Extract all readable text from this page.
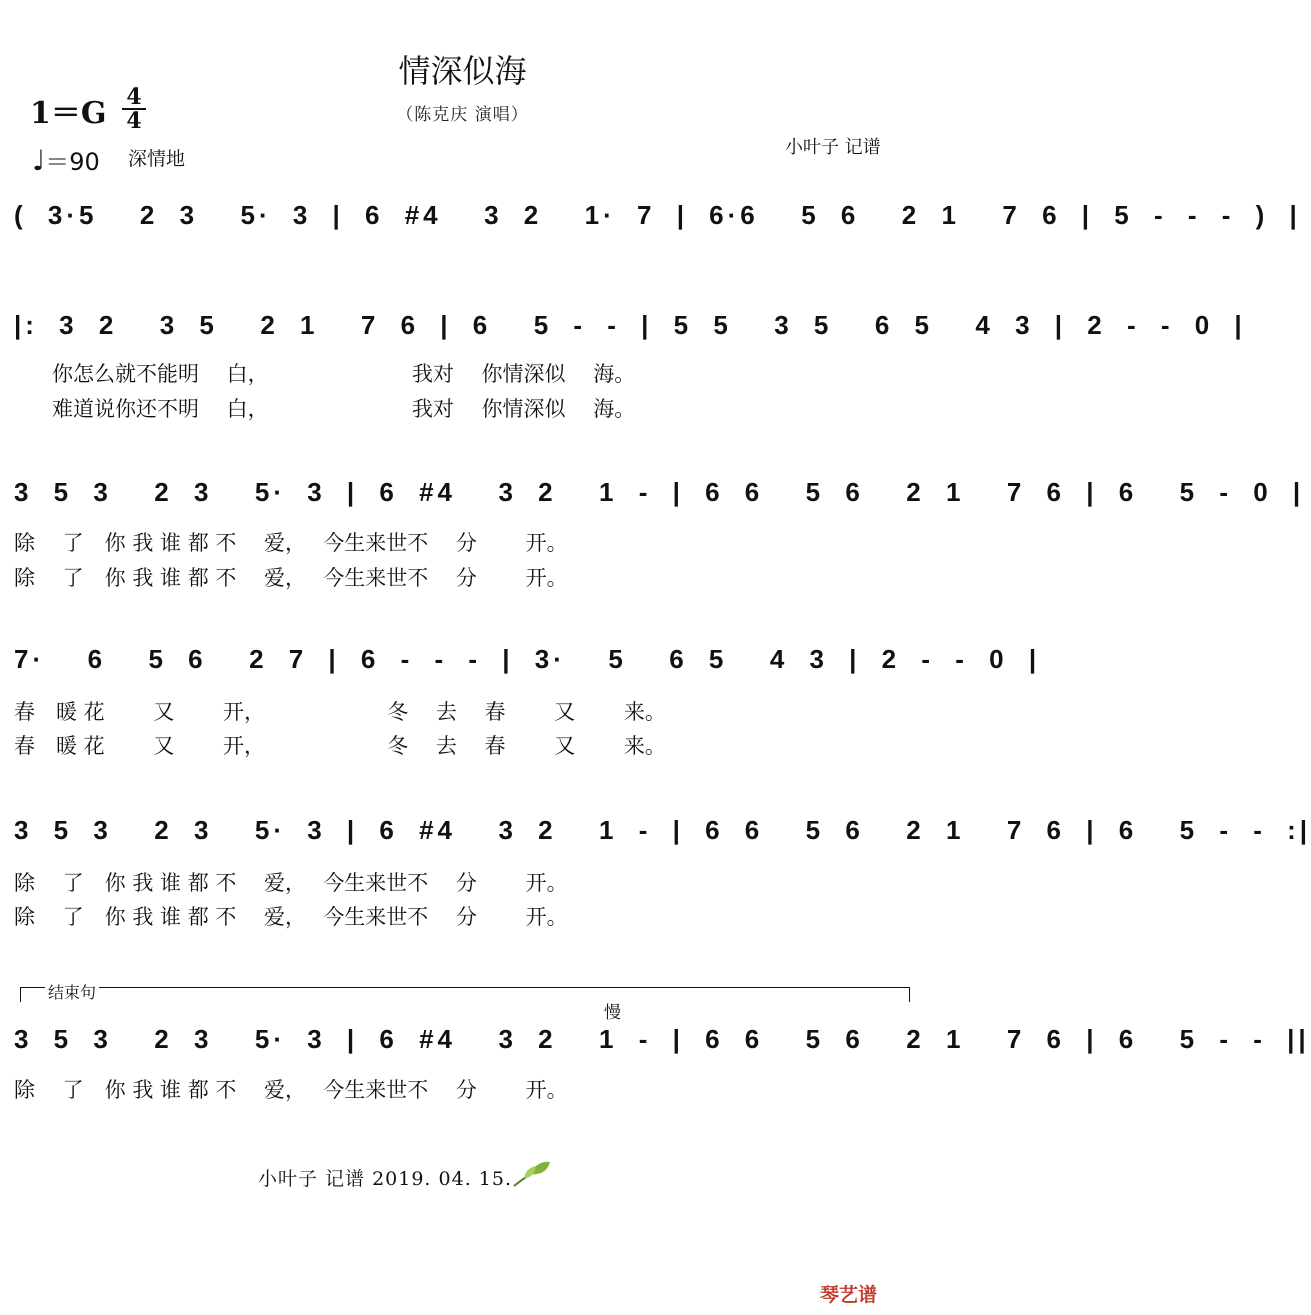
情深似海
（陈克庆 演唱）
1＝G 4
4
♩＝90 深情地
小叶子 记谱
( 3·5  2 3  5· 3 | 6 #4  3 2  1· 7 | 6·6  5 6  2 1  7 6 | 5 - - - ) |
|: 3 2  3 5  2 1  7 6 | 6  5 - - | 5 5  3 5  6 5  4 3 | 2 - - 0 |
你怎么就不能明　 白，　　　　　　　 我对　 你情深似　 海。
难道说你还不明　 白，　　　　　　　 我对　 你情深似　 海。
3 5 3  2 3  5· 3 | 6 #4  3 2  1 - | 6 6  5 6  2 1  7 6 | 6  5 - 0 |
除　 了　你 我 谁 都 不　 爱，　 今生来世不　 分　　 开。
除　 了　你 我 谁 都 不　 爱，　 今生来世不　 分　　 开。
7·  6  5 6  2 7 | 6 - - - | 3·  5  6 5  4 3 | 2 - - 0 |
春　暖 花　　 又　　 开，　　　　　　 冬　 去　 春　　 又　　 来。
春　暖 花　　 又　　 开，　　　　　　 冬　 去　 春　　 又　　 来。
3 5 3  2 3  5· 3 | 6 #4  3 2  1 - | 6 6  5 6  2 1  7 6 | 6  5 - - :|
除　 了　你 我 谁 都 不　 爱，　 今生来世不　 分　　 开。
除　 了　你 我 谁 都 不　 爱，　 今生来世不　 分　　 开。
结束句
慢
3 5 3  2 3  5· 3 | 6 #4  3 2  1 - | 6 6  5 6  2 1  7 6 | 6  5 - - ||
除　 了　你 我 谁 都 不　 爱，　 今生来世不　 分　　 开。
小叶子 记谱 2019. 04. 15.
琴艺谱
